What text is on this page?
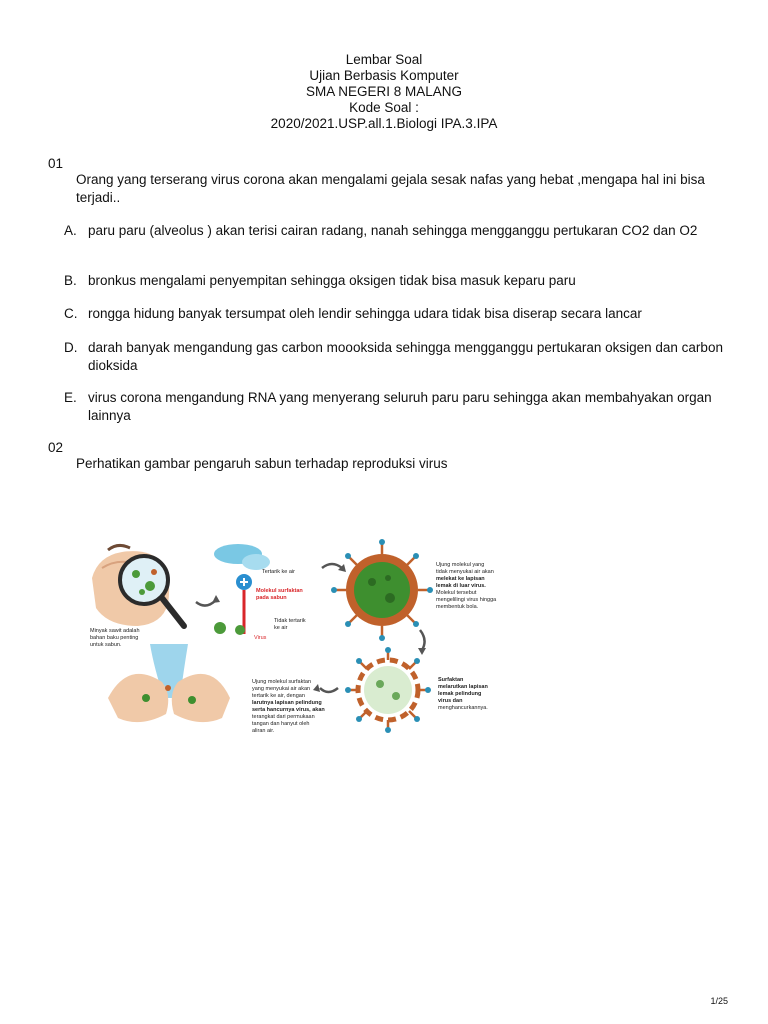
Lembar Soal
Ujian Berbasis Komputer
SMA NEGERI 8 MALANG
Kode Soal :
2020/2021.USP.all.1.Biologi IPA.3.IPA
01
Orang yang terserang virus corona akan mengalami gejala sesak nafas yang hebat ,mengapa hal ini bisa terjadi..
A. paru paru (alveolus ) akan terisi cairan radang, nanah sehingga mengganggu pertukaran CO2 dan O2
B. bronkus mengalami penyempitan sehingga oksigen tidak bisa masuk keparu paru
C. rongga hidung banyak tersumpat oleh lendir sehingga udara tidak bisa diserap secara lancar
D. darah banyak mengandung gas carbon moooksida sehingga mengganggu pertukaran oksigen dan carbon dioksida
E. virus corona mengandung RNA yang menyerang seluruh paru paru sehingga akan membahyakan organ lainnya
02
Perhatikan gambar pengaruh sabun terhadap reproduksi virus
Minyak sawit adalah bahan baku penting untuk sabun.
Tertarik ke air
Molekul surfaktan pada sabun
Tidak tertarik ke air
Virus
Ujung molekul yang tidak menyukai air akan melekat ke lapisan lemak di luar virus. Molekul tersebut mengelilingi virus hingga membentuk bola.
Surfaktan melarutkan lapisan lemak pelindung virus dan menghancurkannya.
Ujung molekul surfaktan yang menyukai air akan tertarik ke air, dengan larutnya lapisan pelindung serta hancurnya virus, akan terangkat dari permukaan tangan dan hanyut oleh aliran air.
1/25
